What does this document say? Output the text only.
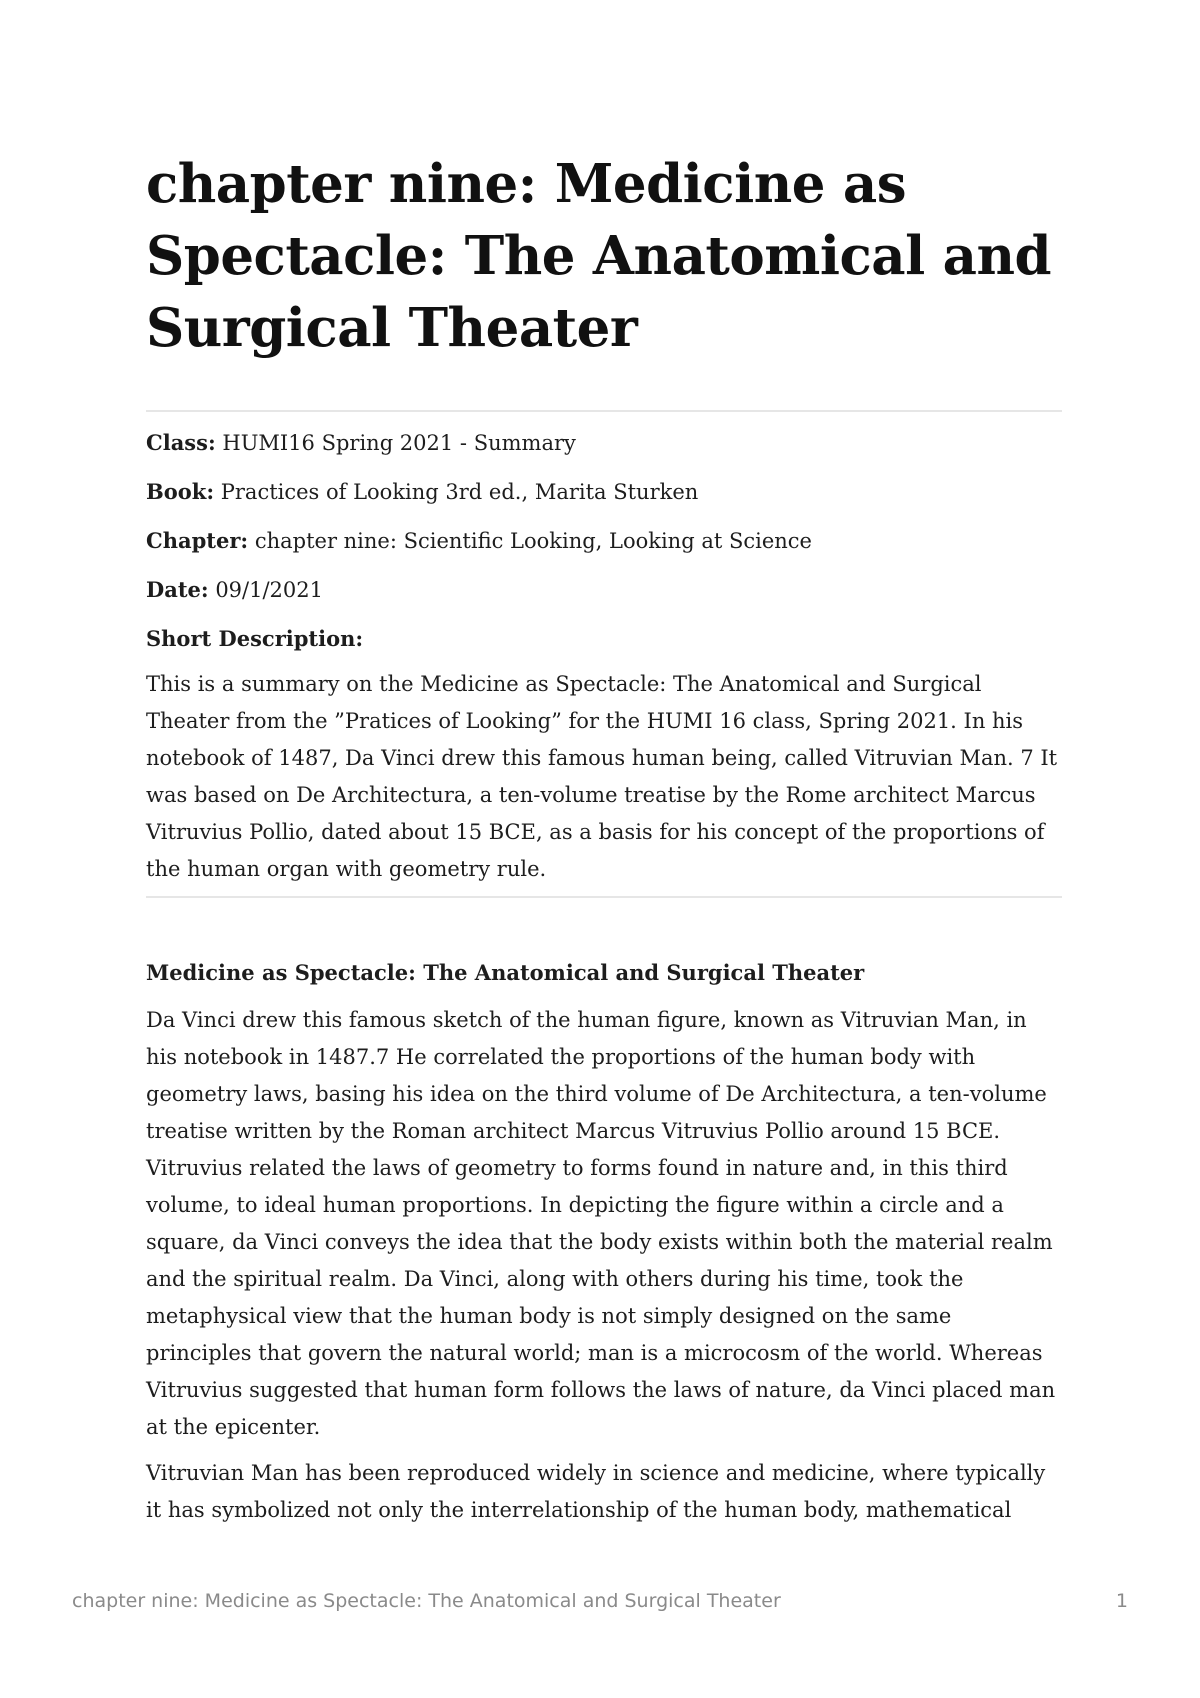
chapter nine: Medicine as Spectacle: The Anatomical and Surgical Theater

Class: HUMI16 Spring 2021 - Summary

Book: Practices of Looking 3rd ed., Marita Sturken

Chapter: chapter nine: Scientific Looking, Looking at Science

Date: 09/1/2021

Short Description:

This is a summary on the Medicine as Spectacle: The Anatomical and Surgical Theater from the ”Pratices of Looking” for the HUMI 16 class, Spring 2021. In his notebook of 1487, Da Vinci drew this famous human being, called Vitruvian Man. 7 It was based on De Architectura, a ten-volume treatise by the Rome architect Marcus Vitruvius Pollio, dated about 15 BCE, as a basis for his concept of the proportions of the human organ with geometry rule.

Medicine as Spectacle: The Anatomical and Surgical Theater

Da Vinci drew this famous sketch of the human figure, known as Vitruvian Man, in his notebook in 1487.7 He correlated the proportions of the human body with geometry laws, basing his idea on the third volume of De Architectura, a ten-volume treatise written by the Roman architect Marcus Vitruvius Pollio around 15 BCE. Vitruvius related the laws of geometry to forms found in nature and, in this third volume, to ideal human proportions. In depicting the figure within a circle and a square, da Vinci conveys the idea that the body exists within both the material realm and the spiritual realm. Da Vinci, along with others during his time, took the metaphysical view that the human body is not simply designed on the same principles that govern the natural world; man is a microcosm of the world. Whereas Vitruvius suggested that human form follows the laws of nature, da Vinci placed man at the epicenter.

Vitruvian Man has been reproduced widely in science and medicine, where typically it has symbolized not only the interrelationship of the human body, mathematical

chapter nine: Medicine as Spectacle: The Anatomical and Surgical Theater	1
